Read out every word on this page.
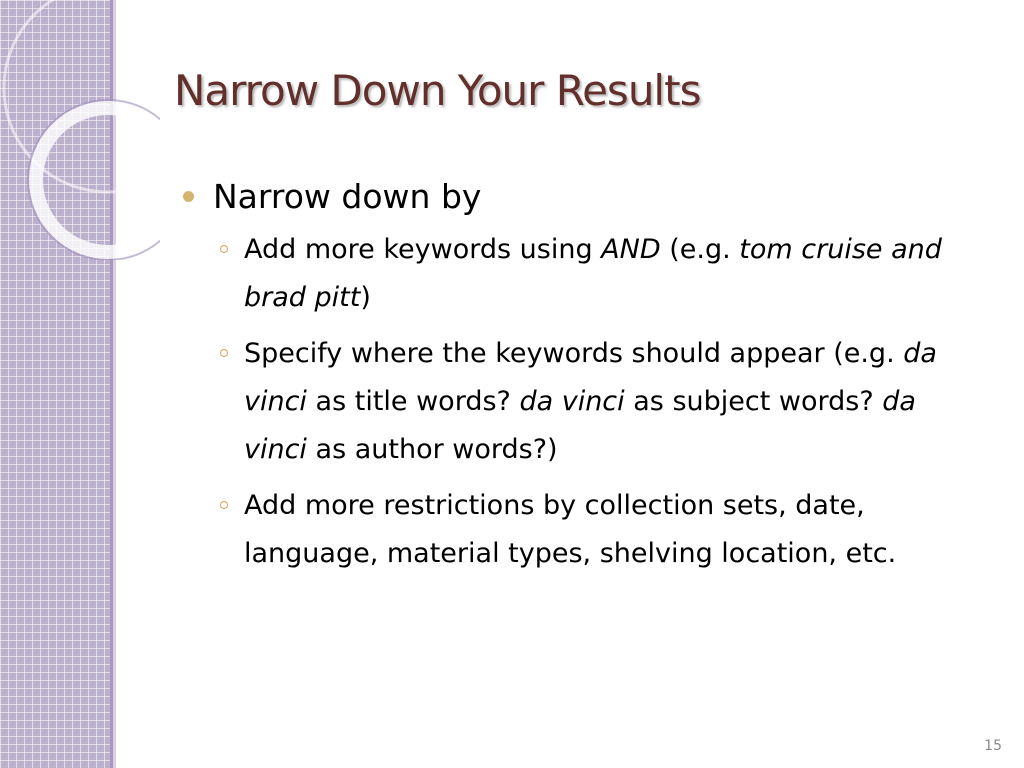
Narrow Down Your Results
Narrow down by
Add more keywords using AND (e.g. tom cruise and brad pitt)
Specify where the keywords should appear (e.g. da vinci as title words? da vinci as subject words? da vinci as author words?)
Add more restrictions by collection sets, date, language, material types, shelving location, etc.
15
